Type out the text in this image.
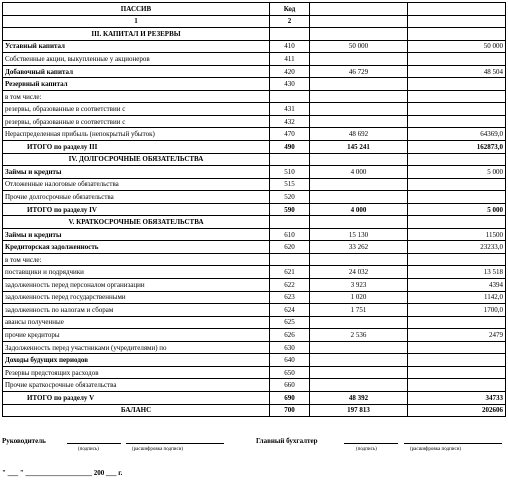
ПАССИВ	Код		
1	2		
III. КАПИТАЛ И РЕЗЕРВЫ			
Уставный капитал	410	50 000	50 000
Собственные акции, выкупленные у акционеров	411		
Добавочный капитал	420	46 729	48 504
Резервный капитал	430		
в том числе:			
резервы, образованные в соответствии с	431		
резервы, образованные в соответствии с	432		
Нераспределенная прибыль (непокрытый убыток)	470	48 692	64369,0
ИТОГО по разделу III	490	145 241	162873,0
IV. ДОЛГОСРОЧНЫЕ ОБЯЗАТЕЛЬСТВА			
Займы и кредиты	510	4 000	5 000
Отложенные налоговые обязательства	515		
Прочие долгосрочные обязательства	520		
ИТОГО по разделу IV	590	4 000	5 000
V. КРАТКОСРОЧНЫЕ ОБЯЗАТЕЛЬСТВА			
Займы и кредиты	610	15 130	11500
Кредиторская задолженность	620	33 262	23233,0
в том числе:			
поставщики и подрядчики	621	24 032	13 518
задолженность перед персоналом организации	622	3 923	4394
задолженность перед государственными	623	1 020	1142,0
задолженность по налогам и сборам	624	1 751	1700,0
авансы полученные	625		
прочие кредиторы	626	2 536	2479
Задолженность перед участниками (учредителями) по	630		
Доходы будущих периодов	640		
Резервы предстоящих расходов	650		
Прочие краткосрочные обязательства	660		
ИТОГО по разделу V	690	48 392	34733
БАЛАНС	700	197 813	202606
Руководитель
(подпись)	(расшифровка подписи)
Главный бухгалтер
(подпись)	(расшифровка подписи)
" ___ " ___________________ 200 ___ г.
